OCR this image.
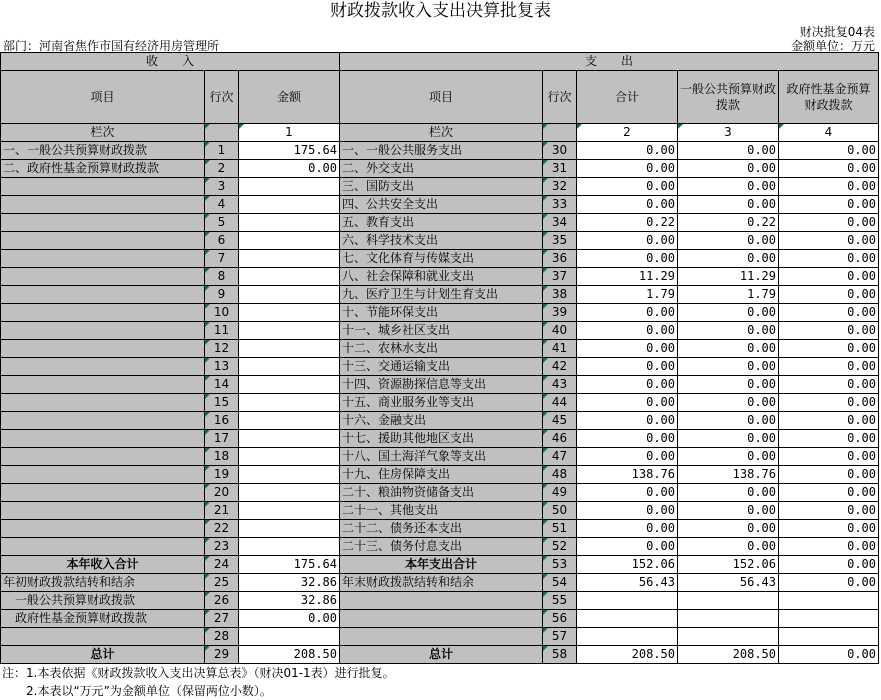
财政拨款收入支出决算批复表
财决批复04表
部门：河南省焦作市国有经济用房管理所	金额单位：万元
收　　入			支　　出				
项目	行次	金额	项目	行次	合计	一般公共预算财政拨款	政府性基金预算财政拨款
栏次		1	栏次		2	3	4
一、一般公共预算财政拨款	1	175.64	一、一般公共服务支出	30	0.00	0.00	0.00
二、政府性基金预算财政拨款	2	0.00	二、外交支出	31	0.00	0.00	0.00
	3		三、国防支出	32	0.00	0.00	0.00
	4		四、公共安全支出	33	0.00	0.00	0.00
	5		五、教育支出	34	0.22	0.22	0.00
	6		六、科学技术支出	35	0.00	0.00	0.00
	7		七、文化体育与传媒支出	36	0.00	0.00	0.00
	8		八、社会保障和就业支出	37	11.29	11.29	0.00
	9		九、医疗卫生与计划生育支出	38	1.79	1.79	0.00
	10		十、节能环保支出	39	0.00	0.00	0.00
	11		十一、城乡社区支出	40	0.00	0.00	0.00
	12		十二、农林水支出	41	0.00	0.00	0.00
	13		十三、交通运输支出	42	0.00	0.00	0.00
	14		十四、资源勘探信息等支出	43	0.00	0.00	0.00
	15		十五、商业服务业等支出	44	0.00	0.00	0.00
	16		十六、金融支出	45	0.00	0.00	0.00
	17		十七、援助其他地区支出	46	0.00	0.00	0.00
	18		十八、国土海洋气象等支出	47	0.00	0.00	0.00
	19		十九、住房保障支出	48	138.76	138.76	0.00
	20		二十、粮油物资储备支出	49	0.00	0.00	0.00
	21		二十一、其他支出	50	0.00	0.00	0.00
	22		二十二、债务还本支出	51	0.00	0.00	0.00
	23		二十三、债务付息支出	52	0.00	0.00	0.00
本年收入合计	24	175.64	本年支出合计	53	152.06	152.06	0.00
年初财政拨款结转和结余	25	32.86	年末财政拨款结转和结余	54	56.43	56.43	0.00
　一般公共预算财政拨款	26	32.86		55			
　政府性基金预算财政拨款	27	0.00		56			
	28			57			
总计	29	208.50	总计	58	208.50	208.50	0.00
注：1.本表依据《财政拨款收入支出决算总表》（财决01-1表）进行批复。
　　2.本表以“万元”为金额单位（保留两位小数）。
